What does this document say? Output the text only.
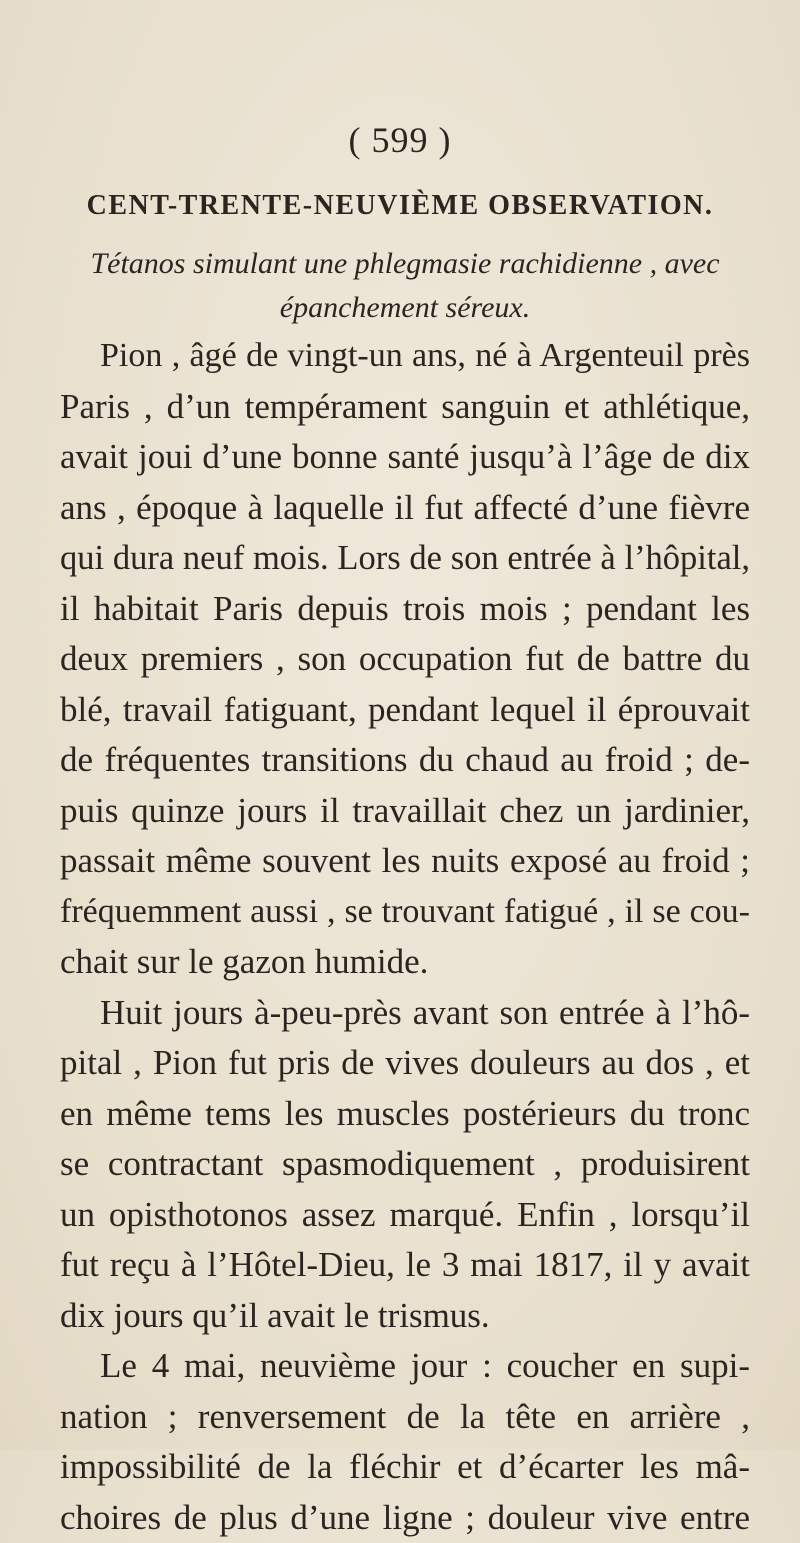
( 599 )
CENT-TRENTE-NEUVIÈME OBSERVATION.
Tétanos simulant une phlegmasie rachidienne , avec
épanchement séreux.
Pion , âgé de vingt-un ans, né à Argenteuil près
Paris , d’un tempérament sanguin et athlétique,
avait joui d’une bonne santé jusqu’à l’âge de dix
ans , époque à laquelle il fut affecté d’une fièvre
qui dura neuf mois. Lors de son entrée à l’hôpital,
il habitait Paris depuis trois mois ; pendant les
deux premiers , son occupation fut de battre du
blé, travail fatiguant, pendant lequel il éprouvait
de fréquentes transitions du chaud au froid ; de-
puis quinze jours il travaillait chez un jardinier,
passait même souvent les nuits exposé au froid ;
fréquemment aussi , se trouvant fatigué , il se cou-
chait sur le gazon humide.
Huit jours à-peu-près avant son entrée à l’hô-
pital , Pion fut pris de vives douleurs au dos , et
en même tems les muscles postérieurs du tronc
se contractant spasmodiquement , produisirent
un opisthotonos assez marqué. Enfin , lorsqu’il
fut reçu à l’Hôtel-Dieu, le 3 mai 1817, il y avait
dix jours qu’il avait le trismus.
Le 4 mai, neuvième jour : coucher en supi-
nation ; renversement de la tête en arrière ,
impossibilité de la fléchir et d’écarter les mâ-
choires de plus d’une ligne ; douleur vive entre
